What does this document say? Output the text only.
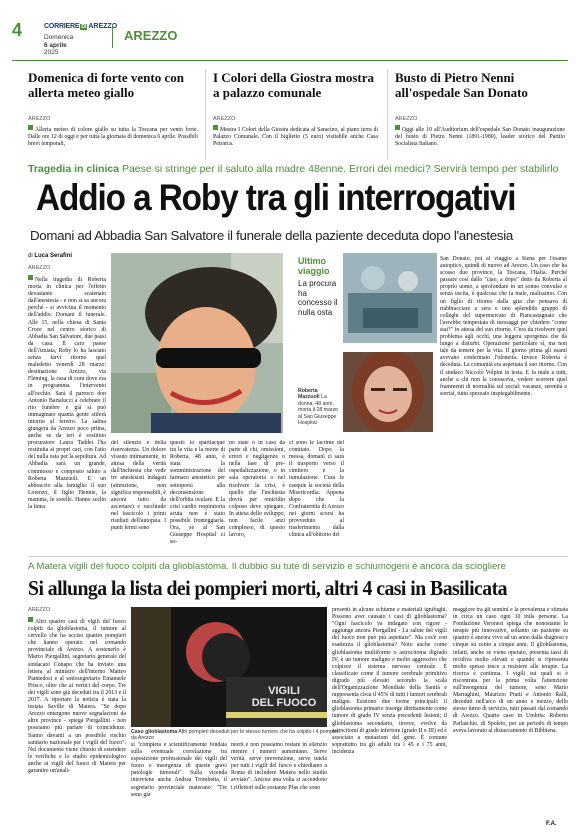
4	CORRIERE DI AREZZO
Domenica
6 aprile
2025
AREZZO
Domenica di forte vento con allerta meteo giallo
AREZZO
Allerta meteo di colore giallo su tutta la Toscana per vento forte. Dalle ore 12 di oggi e per tutta la giornata di domenica 6 aprile. Possibili brevi temporali,
I Colori della Giostra mostra a palazzo comunale
AREZZO
Mostra I Colori della Giostra dedicata al Saracino, al piano terra di Palazzo Comunale. Con il biglietto (5 euro) visitabile anche Casa Petrarca.
Busto di Pietro Nenni all'ospedale San Donato
AREZZO
Oggi alle 10 all'Auditorium dell'ospedale San Donato inaugurazione del busto di Pietro Nenni (1891-1980), leader storico del Partito Socialista Italiano.
Tragedia in clinica Paese si stringe per il saluto alla madre 48enne. Errori dei medici? Servirà tempo per stabilirlo
Addio a Roby tra gli interrogativi
Domani ad Abbadia San Salvatore il funerale della paziente deceduta dopo l'anestesia
di Luca Serafini
AREZZO
Nella tragedia di Roberta morta in clinica per l'effetto devastante scatenato dall'anestesia - e non si sa ancora perché - si avvicina il momento dell'addio. Domani il funerale. Alle 15, nella chiesa di Santa Croce nel centro storico di Abbadia San Salvatore, due passi da casa. Il caro paese dell'Amiata, Roby lo ha lasciato senza farvi ritorno quel maledetto venerdì 28 marzo: destinazione Arezzo, via Fleming, la casa di cura dove era in programma l'intervento all'occhio. Sarà il parroco don Antonio Bartalucci a celebrare il rito funebre e già si può immaginare quanta gente stiferà intorno al feretro. La salma giungerà da Arezzo poco prima, anche se da ieri è sostituto procuratore Laura Taddei l'ha restituita ai propri cari, con l'atto del nulla osta per la sepoltura. Ad Abbadia sarà un grande, commosso e composto saluto a Roberta Mazzuoli. E un abbraccio alla famiglia: il suo Lorenzo, il figlio Hennie, la mamma, le sorelle. Hanno scelto la linea
Ultimo viaggio
La procura ha concesso il nulla osta
Roberta Mazzuoli La donna, 48 anni, morta il 28 marzo al San Giuseppe Hospital
del silenzio e della riservatezza. Un dolore vissuto intimamente, in attesa della verità dall'inchiesta che vede tre anestesisti indagati (attenzione, non significa responsabili, è ancora tutto da accertare) e racchiude nel fascicolo i primi risultati dell'autopsia. I punti fermi sono
questi: lo spartiacque tra la vita e la morte di Roberta, 48 anni, è stata la somministrazione del farmaco anestetico per sottoporsi alla deconsensione dell'orbita oculare. E la crisi cardio respiratoria acuta non è stato possibile fronteggiarla. Ora, se al San Giuseppe Hospital ci so-
no state o in caso da parte di chi, omissioni, errori e negligenze o nella fase di pre-ospedalizzazione, o in sala operatoria o nel risolvere la crisi, è quello che l'inchiesta dovrà per omicidio colposo deve spiegare. In attesa dello sviluppo, non facile anzi complesso, di questo lavoro,
ci sono le lacrime del comitato. Dopo la messa, domani ci sarà il trasporto verso il cimitero e la tumulazione. Cura le esequie la società della Misericordia. Appena dopo che la Confraternita di Arezzo nei giorni scorsi ha provveduto al trasferimento dalla clinica all'obitorio del
San Donato, poi al viaggio a Siena per l'esame autoptico, quindi di nuovo ad Arezzo. Un caso che ha scosso due province, la Toscana, l'Italia. Perché passare così dallo "ciao, a dopo" detto da Roberta al proprio uomo, a sprofondare in un sonno convulso e senza uscita, è qualcosa che fa male, malissimo. Con un figlio di ritorno dalla gita che pensava di riabbracciare a sera e uno splendido gruppo di colleghi del supermercato di Piancastagnaio che l'avrebbe tempestata di messaggi per chiedere "come stai?" in attesa del suo ritorno. C'era da risolvere quel problema agli occhi, una leggera sporgenza che dà lungo a disturbi. Operazione particolare sì, ma non tale da temere per la vita. Il giorno prima gli esami avevano confermato l'idoneità. Invece Roberta è deceduta. La comunità era aspettata il suo ritorno. Con il sindaco Niccolò Volpini in testa. E fa male a tutti, anche a chi non la conosceva, vedere scorrere quel frammenti di normalità sul social: vacanze, serenità e sorrisi, tutto spezzato inspiegabilmente.
A Matera vigili del fuoco colpiti da glioblastoma. Il dubbio su tute di servizio e schiumogeni è ancora da sciogliere
Si allunga la lista dei pompieri morti, altri 4 casi in Basilicata
AREZZO
Altri quattro casi di vigili del fuoco colpiti da glioblastoma, il tumore al cervello che ha ucciso quattro pompieri che hanno operato nel comando provinciale di Arezzo. A sostenerlo è Marco Piergallini, segretario generale del sindacato Conapo che ha inviato una lettera al ministro dell'interno Matteo Piantedosi e al sottosegretario Emanuele Prisco, oltre che ai vertici del corpo. Tre dei vigili sono già deceduti tra il 2013 e il 2017. A riportare la notizia è stata la testata Saville di Matera. "Se dopo Arezzo emergono nuove segnalazioni da altre province - spiega Piergallini - non possiamo più parlare di coincidenze. Siamo davanti a un possibile rischio sanitario nazionale per i vigili del fuoco". Nel documento viene chiesto di estendere le verifiche e lo studio epidemiologico anche ai vigili del fuoco di Matera per garantire un'anali-
VIGILI
DEL FUOCO
Caso glioblastoma Altri pompieri deceduti per lo stesso tumore che ha colpito i 4 pompieri da Arezzo
si "completa e scientificamente fondata sulla eventuale correlazione tra esposizione professionale dei vigili del fuoco e insorgenza di queste gravi patologie tumorali". Sulla vicenda interviene anche Andrea Trombetta, il segretario provinciale materano: "Tre sono già
morti e non possiamo restare in silenzio mentre i numeri aumentano. Serve verità, serve prevenzione, serve tutela per tutti i vigili del fuoco e chiediamo a Roma di includere Matera nello studio avviato". Ancora una volta si accendono i riflettori sulle sostanze Pfas che sono
presenti in alcune schiume e materiali ignifughi. Possono aver causato i casi di glioblastoma? "Ogni fascicolo va indagato con rigore - aggiunge ancora Piergallini - La salute dei vigili del fuoco non può più aspettare". Ma cos'è con esattezza il glioblastoma? Noto anche come glioblastoma multiforme o astrocitoma digrado IV, è un tumore maligno e molto aggressivo che colpisce il sistema nervoso centrale. È classificato come il tumore cerebrale primitivo digrado più elevato secondo la scala dell'Organizzazione Mondiale della Sanità e rappresenta circa il 45% di tutti i tumori cerebrali maligni. Esistono due forme principali: il glioblastoma primario insorge direttamente come tumore di grado IV senza precedenti lesioni; il glioblastoma secondario, invece, evolve da astrocitomi di grado inferiore (grado II o III) ed è associato a mutazioni del gene. È comune soprattutto tra gli adulti tra i 45 e i 75 anni, incidenza
maggiore tra gli uomini e la prevalenza è stimata in circa un caso ogni 10 mila persone. La Fondazione Veronesi spiega che nonostante le terapie più innovative, soltanto un paziente su quattro è ancora vivo ad un anno dalla diagnosi e cinque su cento a cinque anni. Il glioblastoma, infatti, anche se viene operato, presenta tassi di recidiva molto elevati e quando si ripresenta molto spesso tesce a resistere alle terapie. La ricerca è continua. I vigili sui quali si è riscontrata per la prima volta l'attenzione sull'insorgenza del tumore, sono Mario Marraghini, Maurizio Pratti e Antonio Ralli, deceduti nell'arco di un anno e mezzo, dello stesso turno di servizio, tutti passati dal comando di Arezzo. Quarto caso in Umbria: Roberto Parlaschio, di Spoleto, per un periodo di tempo aveva lavorato al distaccamento di Bibbiena.
F.A.
